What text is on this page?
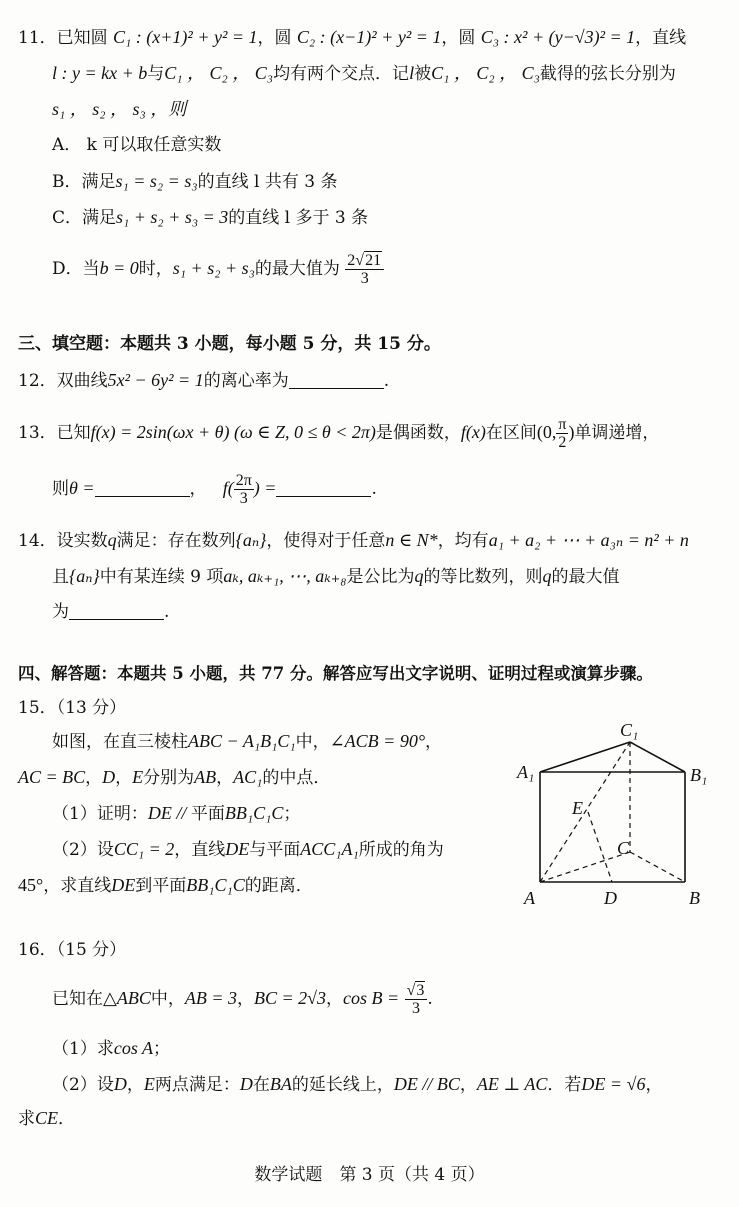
11．已知圆 C₁ : (x+1)² + y² = 1，圆 C₂ : (x−1)² + y² = 1，圆 C₃ : x² + (y−√3)² = 1，直线
l : y = kx + b与C₁ ， C₂ ， C₃均有两个交点．记l被C₁ ， C₂ ， C₃截得的弦长分别为
s₁ ， s₂ ， s₃ ，则
A． k 可以取任意实数
B．满足s₁ = s₂ = s₃的直线 l 共有 3 条
C．满足s₁ + s₂ + s₃ = 3的直线 l 多于 3 条
D．当b = 0时，s₁ + s₂ + s₃的最大值为 $\frac{2√21}{3}$
三、填空题：本题共 3 小题，每小题 5 分，共 15 分。
12．双曲线5x² − 6y² = 1的离心率为	.
13．已知f(x) = 2sin(ωx + θ) (ω ∈ Z, 0 ≤ θ < 2π)是偶函数，f(x)在区间(0, $\frac{\pi}{2}$ )单调递增，
则θ =	， $f( \frac{2\pi}{3}$ ) =	.
14．设实数q满足：存在数列{aₙ}，使得对于任意n ∈ N*，均有a₁ + a₂ + ⋯ + a₃ₙ = n² + n
且{aₙ}中有某连续 9 项aₖ, aₖ₊₁, ⋯, aₖ₊₈是公比为q的等比数列，则q的最大值
为	.
四、解答题：本题共 5 小题，共 77 分。解答应写出文字说明、证明过程或演算步骤。
15．（13 分）
如图，在直三棱柱ABC − A₁B₁C₁中，∠ACB = 90°，
AC = BC，D，E分别为AB，AC₁的中点．
（1）证明：DE // 平面BB₁C₁C；
（2）设CC₁ = 2，直线DE与平面ACC₁A₁所成的角为
45°，求直线DE到平面BB₁C₁C的距离．
C₁
A₁	B₁
E
C
A	D	B
16．（15 分）
已知在△ABC中，AB = 3，BC = 2√3，$\cos B = \frac{√3}{3}$ .
（1）求cos A；
（2）设D，E两点满足：D在BA的延长线上，DE // BC，AE ⊥ AC．若DE = √6，
求CE．
数学试题　第 3 页（共 4 页）
